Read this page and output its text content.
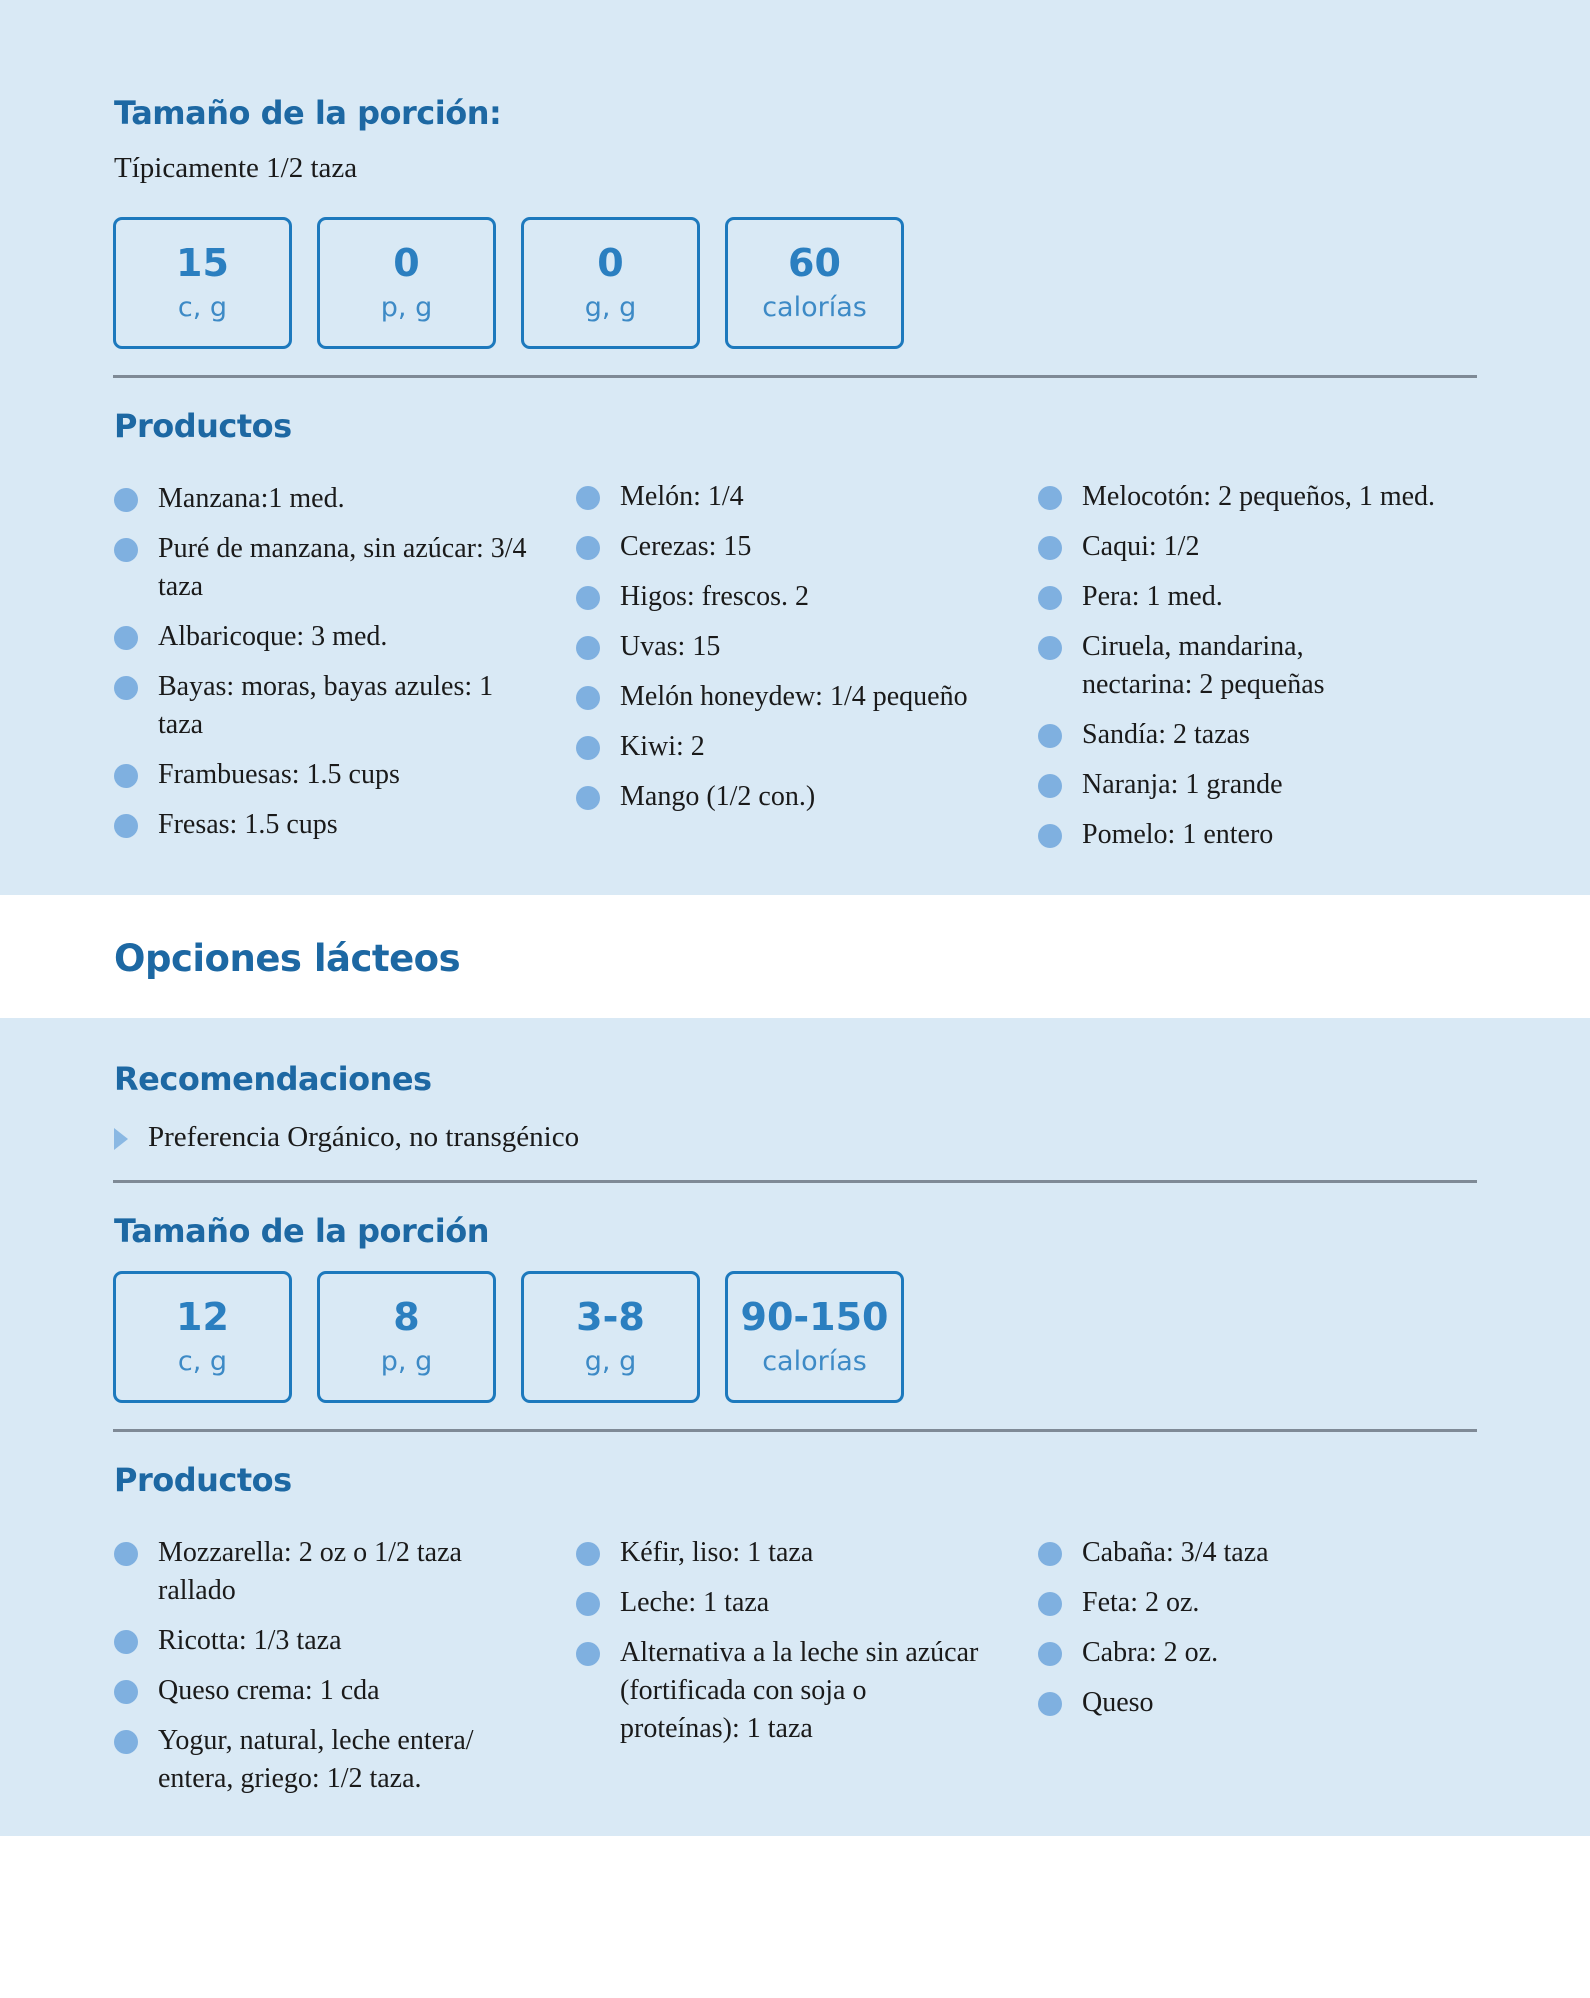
Tamaño de la porción:
Típicamente 1/2 taza
15
c, g
0
p, g
0
g, g
60
calorías
Productos
Manzana:1 med.
Puré de manzana, sin azúcar: 3/4 taza
Albaricoque: 3 med.
Bayas: moras, bayas azules: 1 taza
Frambuesas: 1.5 cups
Fresas: 1.5 cups
Melón: 1/4
Cerezas: 15
Higos: frescos. 2
Uvas: 15
Melón honeydew: 1/4 pequeño
Kiwi: 2
Mango (1/2 con.)
Melocotón: 2 pequeños, 1 med.
Caqui: 1/2
Pera: 1 med.
Ciruela, mandarina, nectarina: 2 pequeñas
Sandía: 2 tazas
Naranja: 1 grande
Pomelo: 1 entero
Opciones lácteos
Recomendaciones
Preferencia Orgánico, no transgénico
Tamaño de la porción
12
c, g
8
p, g
3-8
g, g
90-150
calorías
Productos
Mozzarella: 2 oz o 1/2 taza rallado
Ricotta: 1/3 taza
Queso crema: 1 cda
Yogur, natural, leche entera/ entera, griego: 1/2 taza.
Kéfir, liso: 1 taza
Leche: 1 taza
Alternativa a la leche sin azúcar (fortificada con soja o proteínas): 1 taza
Cabaña: 3/4 taza
Feta: 2 oz.
Cabra: 2 oz.
Queso
